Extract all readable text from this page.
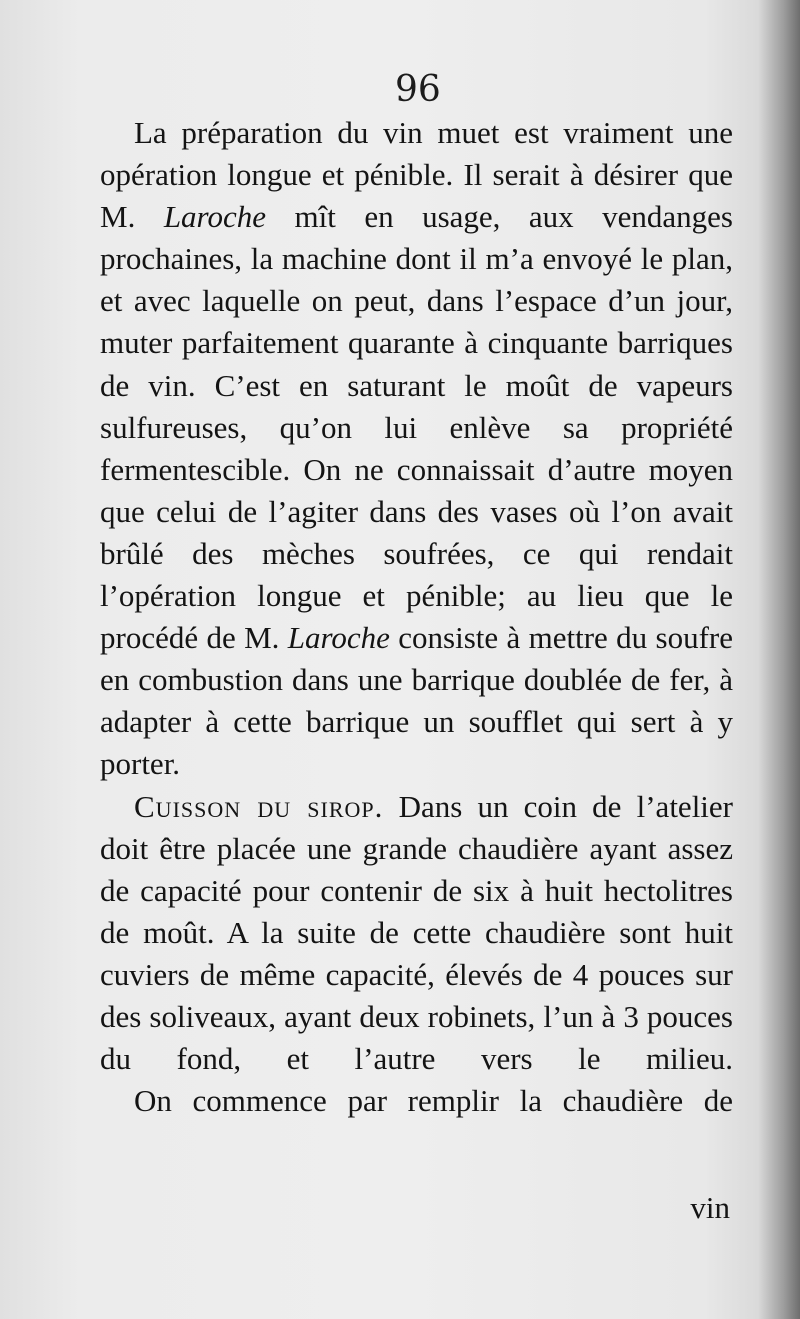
96

La préparation du vin muet est vraiment une opération longue et pénible. Il serait à désirer que M. Laroche mît en usage, aux vendanges prochaines, la machine dont il m’a envoyé le plan, et avec laquelle on peut, dans l’espace d’un jour, muter parfaitement quarante à cinquante barriques de vin. C’est en saturant le moût de vapeurs sulfureuses, qu’on lui enlève sa propriété fermentescible. On ne connaissait d’autre moyen que celui de l’agiter dans des vases où l’on avait brûlé des mèches soufrées, ce qui rendait l’opération longue et pénible; au lieu que le procédé de M. Laroche consiste à mettre du soufre en combustion dans une barrique doublée de fer, à adapter à cette barrique un soufflet qui sert à y porter.

Cuisson du sirop. Dans un coin de l’atelier doit être placée une grande chaudière ayant assez de capacité pour contenir de six à huit hectolitres de moût. A la suite de cette chaudière sont huit cuviers de même capacité, élevés de 4 pouces sur des soliveaux, ayant deux robinets, l’un à 3 pouces du fond, et l’autre vers le milieu.

On commence par remplir la chaudière de

vin
